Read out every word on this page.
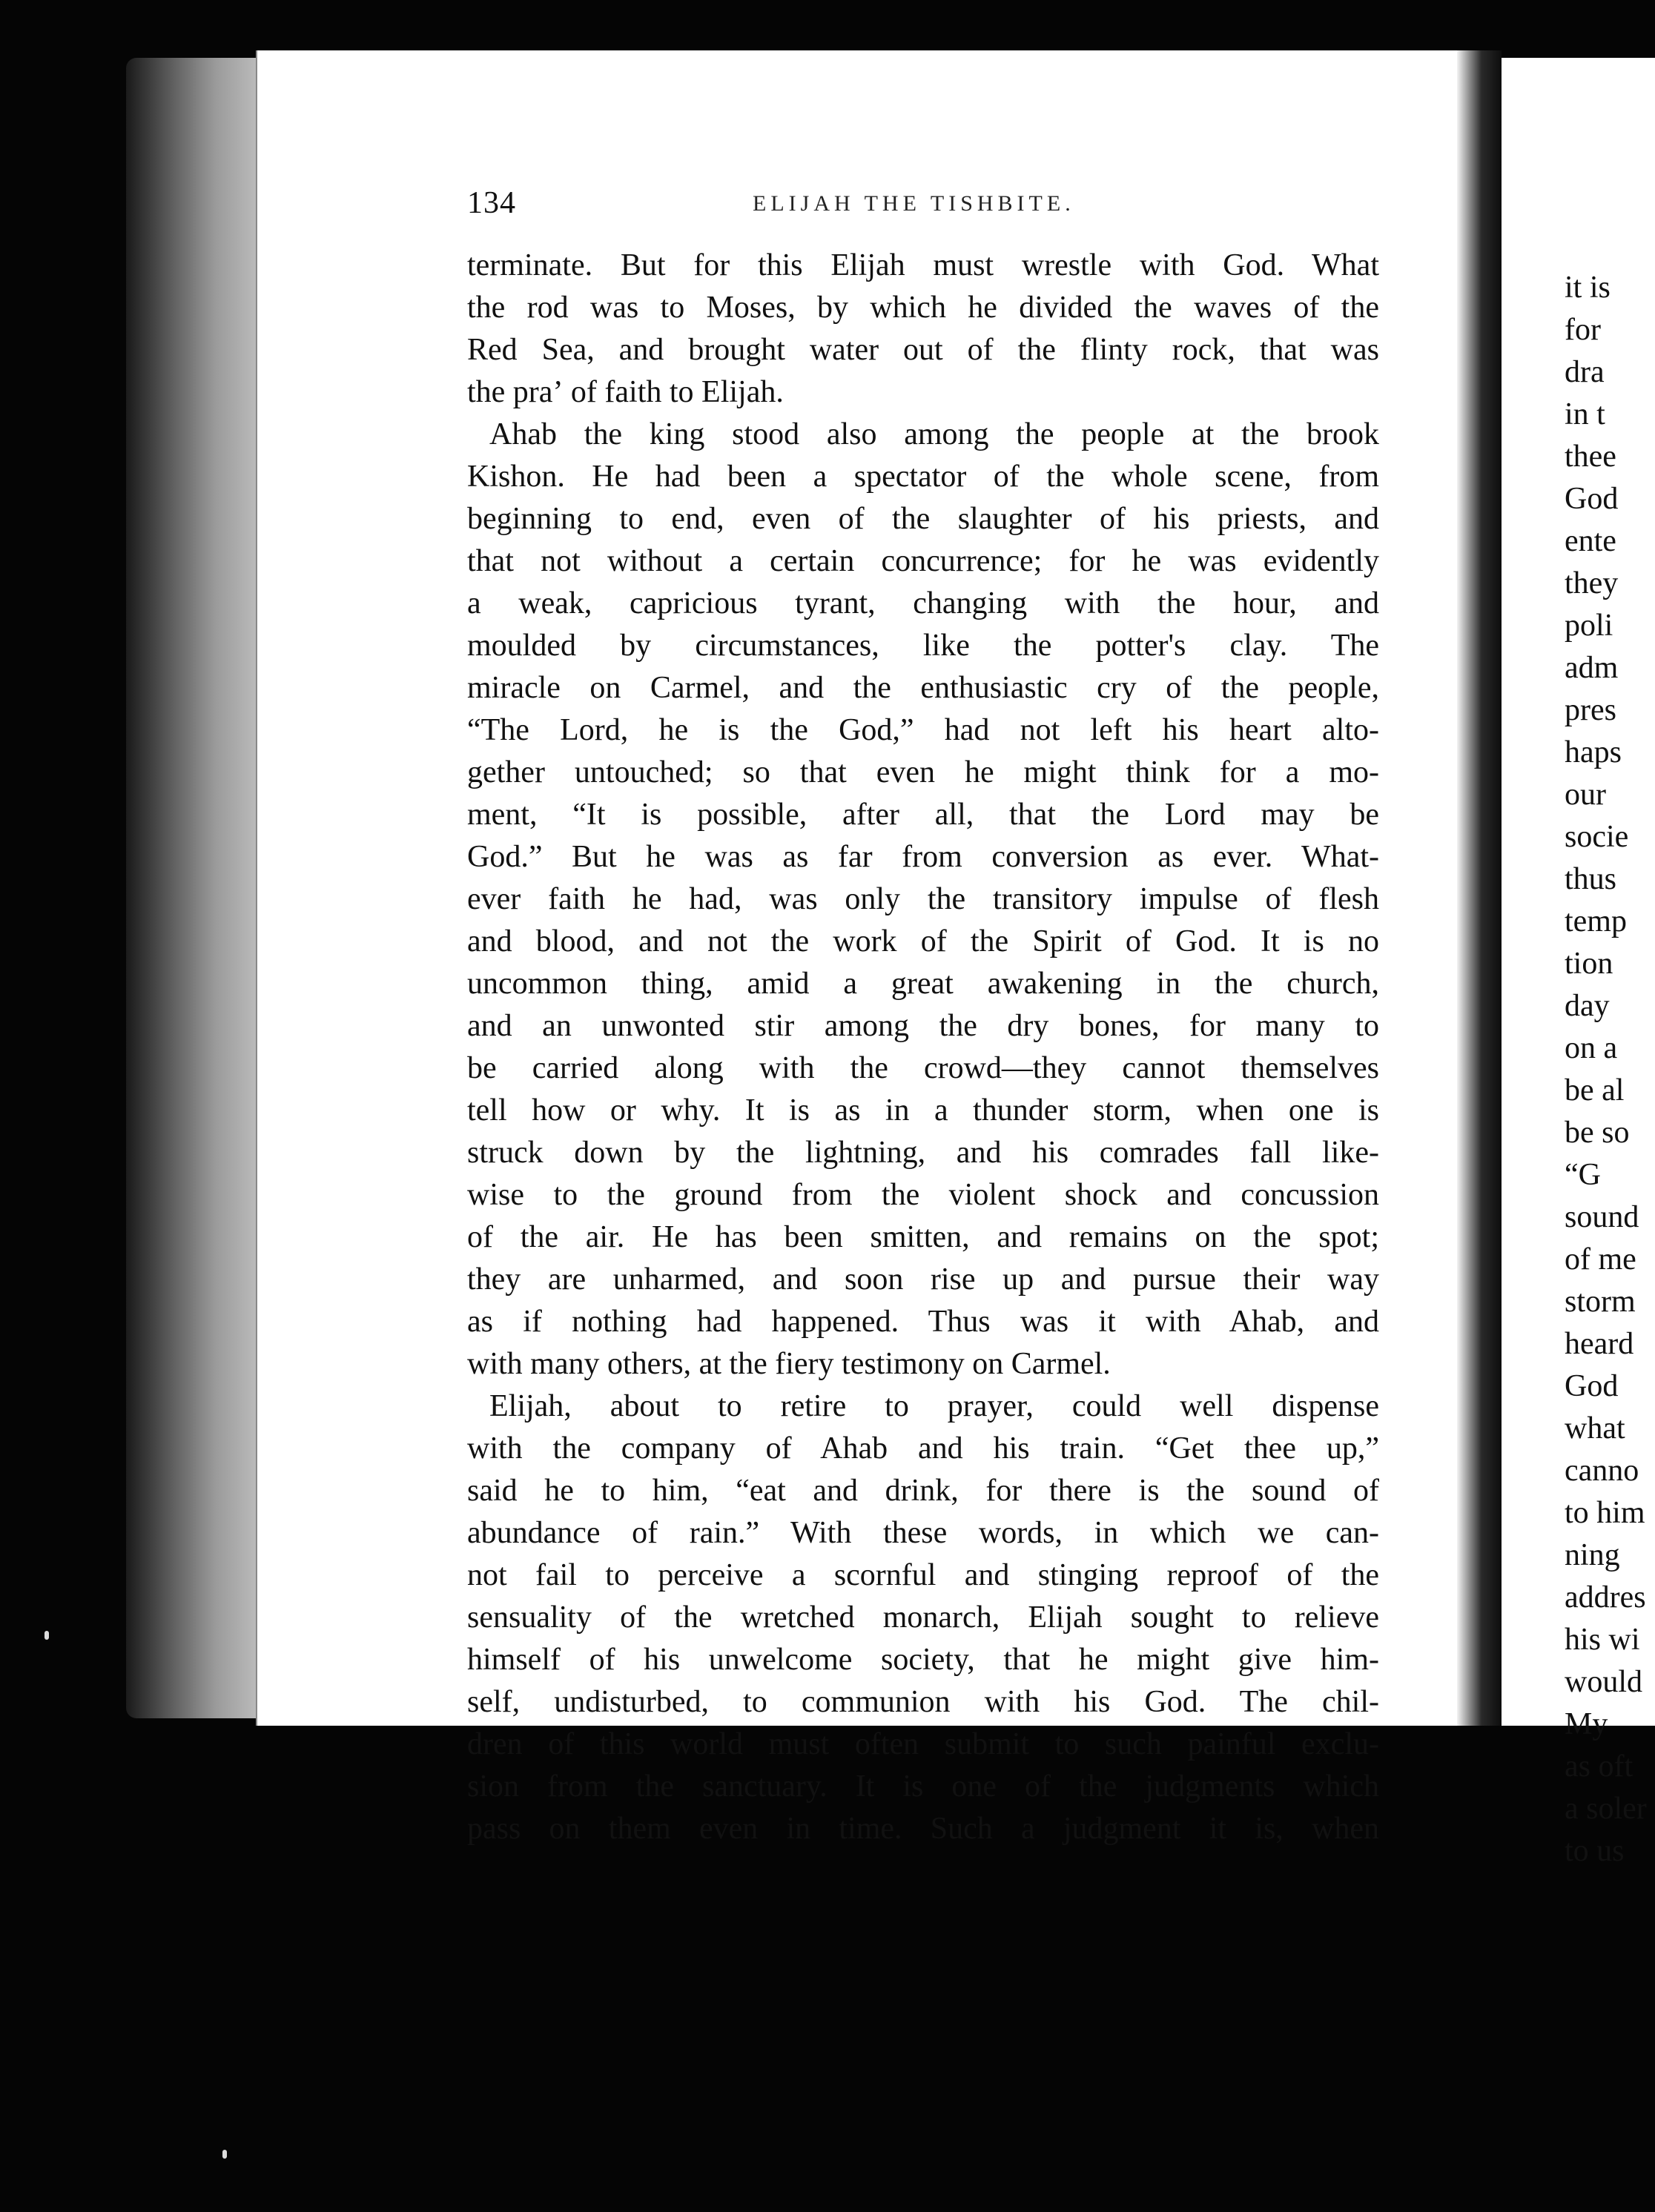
134	ELIJAH THE TISHBITE.
terminate. But for this Elijah must wrestle with God. What
the rod was to Moses, by which he divided the waves of the
Red Sea, and brought water out of the flinty rock, that was
the praʼ of faith to Elijah.
Ahab the king stood also among the people at the brook
Kishon. He had been a spectator of the whole scene, from
beginning to end, even of the slaughter of his priests, and
that not without a certain concurrence; for he was evidently
a weak, capricious tyrant, changing with the hour, and
moulded by circumstances, like the potter's clay. The
miracle on Carmel, and the enthusiastic cry of the people,
“The Lord, he is the God,” had not left his heart alto-
gether untouched; so that even he might think for a mo-
ment, “It is possible, after all, that the Lord may be
God.” But he was as far from conversion as ever. What-
ever faith he had, was only the transitory impulse of flesh
and blood, and not the work of the Spirit of God. It is no
uncommon thing, amid a great awakening in the church,
and an unwonted stir among the dry bones, for many to
be carried along with the crowd—they cannot themselves
tell how or why. It is as in a thunder storm, when one is
struck down by the lightning, and his comrades fall like-
wise to the ground from the violent shock and concussion
of the air. He has been smitten, and remains on the spot;
they are unharmed, and soon rise up and pursue their way
as if nothing had happened. Thus was it with Ahab, and
with many others, at the fiery testimony on Carmel.
Elijah, about to retire to prayer, could well dispense
with the company of Ahab and his train. “Get thee up,”
said he to him, “eat and drink, for there is the sound of
abundance of rain.” With these words, in which we can-
not fail to perceive a scornful and stinging reproof of the
sensuality of the wretched monarch, Elijah sought to relieve
himself of his unwelcome society, that he might give him-
self, undisturbed, to communion with his God. The chil-
dren of this world must often submit to such painful exclu-
sion from the sanctuary. It is one of the judgments which
pass on them even in time. Such a judgment it is, when
it is
for
dra
in t
thee
God
ente
they
poli
adm
pres
haps
our
socie
thus
temp
tion
day
on a
be al
be so
“G
sound
of me
storm
heard
God
what
canno
to him
ning
addres
his wi
would
My
as oft
a soler
to us
